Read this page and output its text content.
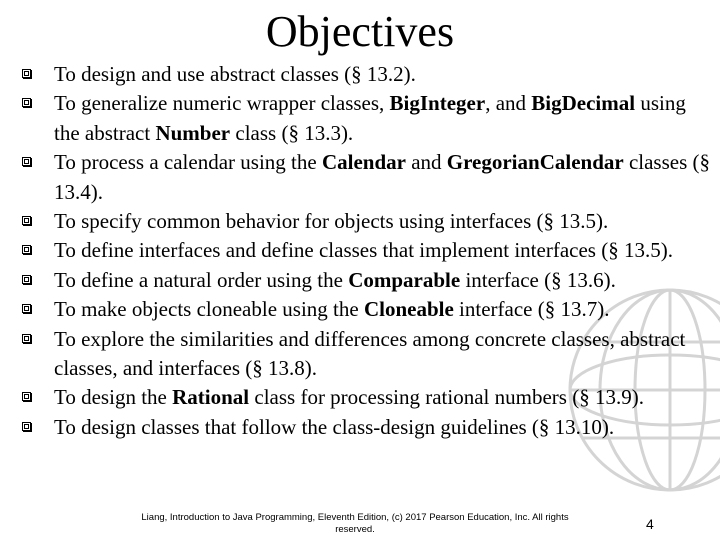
Objectives
To design and use abstract classes (§ 13.2).
To generalize numeric wrapper classes, BigInteger, and BigDecimal using the abstract Number class (§ 13.3).
To process a calendar using the Calendar and GregorianCalendar classes (§ 13.4).
To specify common behavior for objects using interfaces (§ 13.5).
To define interfaces and define classes that implement interfaces (§ 13.5).
To define a natural order using the Comparable interface (§ 13.6).
To make objects cloneable using the Cloneable interface (§ 13.7).
To explore the similarities and differences among concrete classes, abstract classes, and interfaces (§ 13.8).
To design the Rational class for processing rational numbers (§ 13.9).
To design classes that follow the class-design guidelines (§ 13.10).
Liang, Introduction to Java Programming, Eleventh Edition, (c) 2017 Pearson Education, Inc. All rights reserved.	4
